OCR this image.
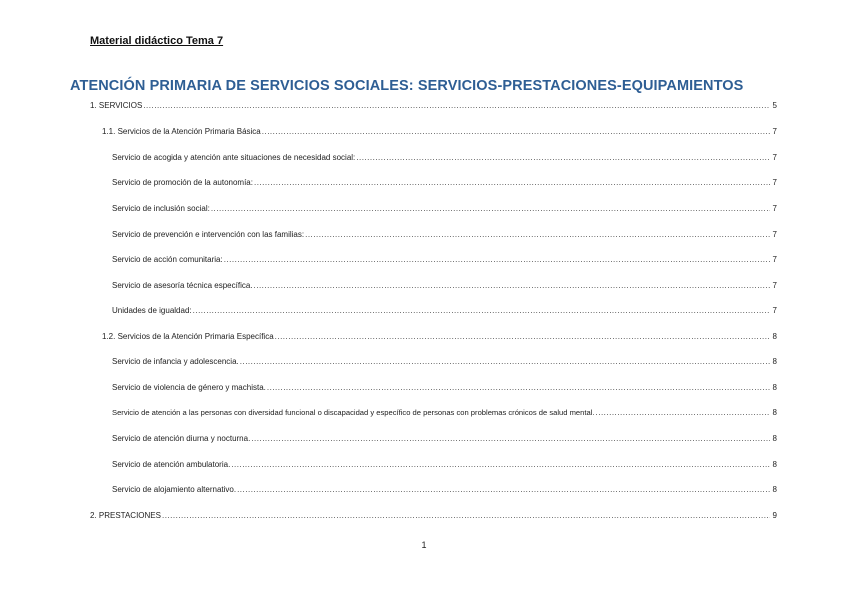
Material didáctico Tema 7
ATENCIÓN PRIMARIA DE SERVICIOS SOCIALES: SERVICIOS-PRESTACIONES-EQUIPAMIENTOS
1. SERVICIOS .....	5
1.1. Servicios de la Atención Primaria Básica .....	7
Servicio de acogida y atención ante situaciones de necesidad social: .....	7
Servicio de promoción de la autonomía: .....	7
Servicio de inclusión social: .....	7
Servicio de prevención e intervención con las familias: .....	7
Servicio de acción comunitaria: .....	7
Servicio de asesoría técnica específica. .....	7
Unidades de igualdad: .....	7
1.2. Servicios de la Atención Primaria Específica .....	8
Servicio de infancia y adolescencia. .....	8
Servicio de violencia de género y machista. .....	8
Servicio de atención a las personas con diversidad funcional o discapacidad y específico de personas con problemas crónicos de salud mental. .....	8
Servicio de atención diurna y nocturna. .....	8
Servicio de atención ambulatoria. .....	8
Servicio de alojamiento alternativo. .....	8
2. PRESTACIONES .....	9
1
